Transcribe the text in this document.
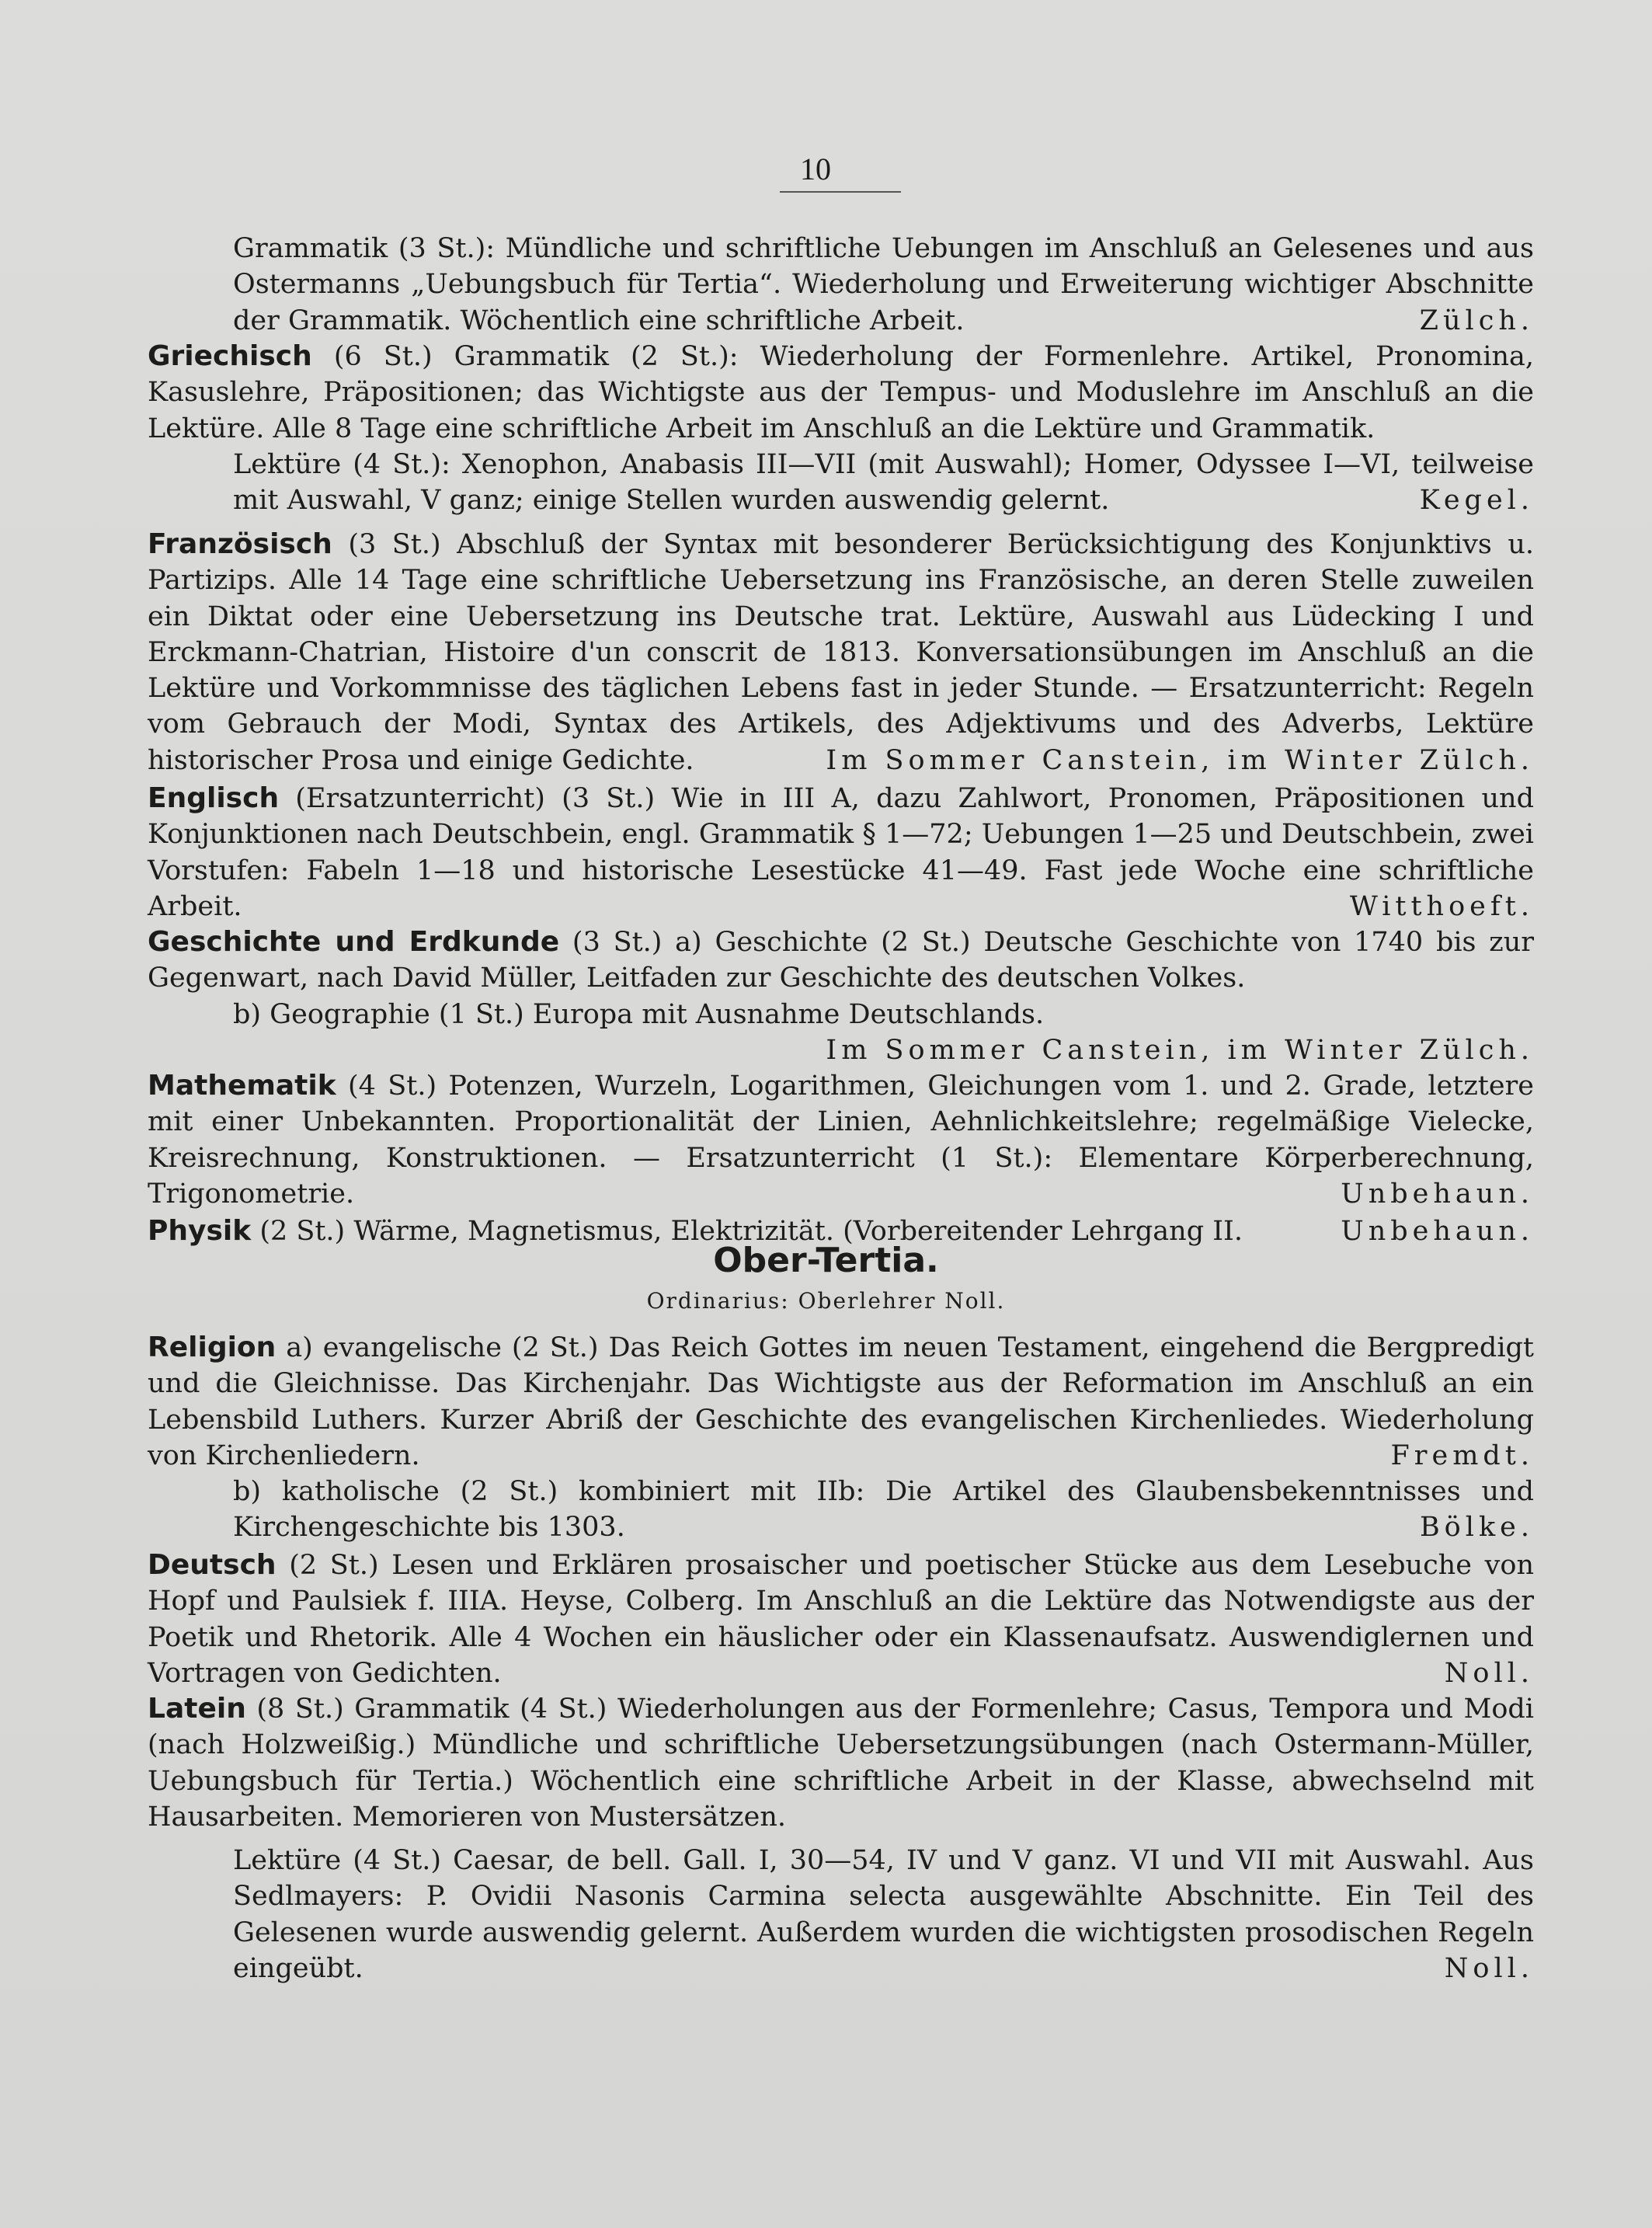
10

Grammatik (3 St.): Mündliche und schriftliche Uebungen im Anschluß an Gelesenes und aus Ostermanns „Uebungsbuch für Tertia“. Wiederholung und Erweiterung wichtiger Abschnitte der Grammatik. Wöchentlich eine schriftliche Arbeit.	Zülch.

Griechisch (6 St.) Grammatik (2 St.): Wiederholung der Formenlehre. Artikel, Pronomina, Kasuslehre, Präpositionen; das Wichtigste aus der Tempus- und Moduslehre im Anschluß an die Lektüre. Alle 8 Tage eine schriftliche Arbeit im Anschluß an die Lektüre und Grammatik.

Lektüre (4 St.): Xenophon, Anabasis III—VII (mit Auswahl); Homer, Odyssee I—VI, teilweise mit Auswahl, V ganz; einige Stellen wurden auswendig gelernt.	Kegel.

Französisch (3 St.) Abschluß der Syntax mit besonderer Berücksichtigung des Konjunktivs u. Partizips. Alle 14 Tage eine schriftliche Uebersetzung ins Französische, an deren Stelle zuweilen ein Diktat oder eine Uebersetzung ins Deutsche trat. Lektüre, Auswahl aus Lüdecking I und Erckmann-Chatrian, Histoire d'un conscrit de 1813. Konversationsübungen im Anschluß an die Lektüre und Vorkommnisse des täglichen Lebens fast in jeder Stunde. — Ersatzunterricht: Regeln vom Gebrauch der Modi, Syntax des Artikels, des Adjektivums und des Adverbs, Lektüre historischer Prosa und einige Gedichte.	Im Sommer Canstein, im Winter Zülch.

Englisch (Ersatzunterricht) (3 St.) Wie in III A, dazu Zahlwort, Pronomen, Präpositionen und Konjunktionen nach Deutschbein, engl. Grammatik § 1—72; Uebungen 1—25 und Deutschbein, zwei Vorstufen: Fabeln 1—18 und historische Lesestücke 41—49. Fast jede Woche eine schriftliche Arbeit.	Witthoeft.

Geschichte und Erdkunde (3 St.) a) Geschichte (2 St.) Deutsche Geschichte von 1740 bis zur Gegenwart, nach David Müller, Leitfaden zur Geschichte des deutschen Volkes.

b) Geographie (1 St.) Europa mit Ausnahme Deutschlands.

Im Sommer Canstein, im Winter Zülch.

Mathematik (4 St.) Potenzen, Wurzeln, Logarithmen, Gleichungen vom 1. und 2. Grade, letztere mit einer Unbekannten. Proportionalität der Linien, Aehnlichkeitslehre; regelmäßige Vielecke, Kreisrechnung, Konstruktionen. — Ersatzunterricht (1 St.): Elementare Körperberechnung, Trigonometrie.	Unbehaun.

Physik (2 St.) Wärme, Magnetismus, Elektrizität. (Vorbereitender Lehrgang II.	Unbehaun.

Ober-Tertia.
Ordinarius: Oberlehrer Noll.

Religion a) evangelische (2 St.) Das Reich Gottes im neuen Testament, eingehend die Bergpredigt und die Gleichnisse. Das Kirchenjahr. Das Wichtigste aus der Reformation im Anschluß an ein Lebensbild Luthers. Kurzer Abriß der Geschichte des evangelischen Kirchenliedes. Wiederholung von Kirchenliedern.	Fremdt.

b) katholische (2 St.) kombiniert mit IIb: Die Artikel des Glaubensbekenntnisses und Kirchengeschichte bis 1303.	Bölke.

Deutsch (2 St.) Lesen und Erklären prosaischer und poetischer Stücke aus dem Lesebuche von Hopf und Paulsiek f. IIIA. Heyse, Colberg. Im Anschluß an die Lektüre das Notwendigste aus der Poetik und Rhetorik. Alle 4 Wochen ein häuslicher oder ein Klassenaufsatz. Auswendiglernen und Vortragen von Gedichten.	Noll.

Latein (8 St.) Grammatik (4 St.) Wiederholungen aus der Formenlehre; Casus, Tempora und Modi (nach Holzweißig.) Mündliche und schriftliche Uebersetzungsübungen (nach Ostermann-Müller, Uebungsbuch für Tertia.) Wöchentlich eine schriftliche Arbeit in der Klasse, abwechselnd mit Hausarbeiten. Memorieren von Mustersätzen.

Lektüre (4 St.) Caesar, de bell. Gall. I, 30—54, IV und V ganz. VI und VII mit Auswahl. Aus Sedlmayers: P. Ovidii Nasonis Carmina selecta ausgewählte Abschnitte. Ein Teil des Gelesenen wurde auswendig gelernt. Außerdem wurden die wichtigsten prosodischen Regeln eingeübt.	Noll.
